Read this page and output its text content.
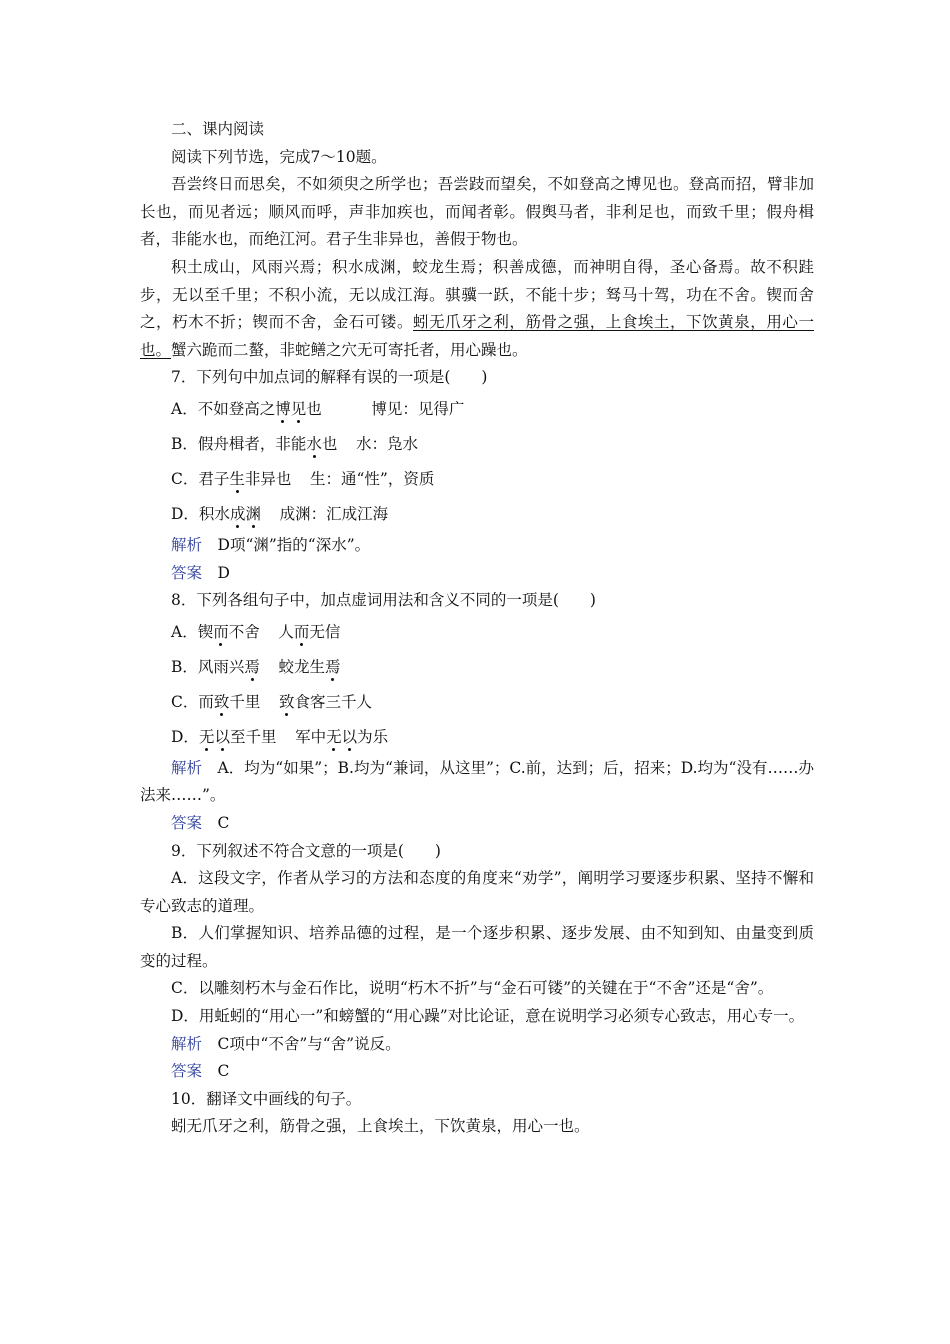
二、课内阅读

阅读下列节选，完成7～10题。

吾尝终日而思矣，不如须臾之所学也；吾尝跂而望矣，不如登高之博见也。登高而招，臂非加长也，而见者远；顺风而呼，声非加疾也，而闻者彰。假舆马者，非利足也，而致千里；假舟楫者，非能水也，而绝江河。君子生非异也，善假于物也。

积土成山，风雨兴焉；积水成渊，蛟龙生焉；积善成德，而神明自得，圣心备焉。故不积跬步，无以至千里；不积小流，无以成江海。骐骥一跃，不能十步；驽马十驾，功在不舍。锲而舍之，朽木不折；锲而不舍，金石可镂。蚓无爪牙之利，筋骨之强，上食埃土，下饮黄泉，用心一也。蟹六跪而二螯，非蛇鳝之穴无可寄托者，用心躁也。

7．下列句中加点词的解释有误的一项是(　　)

A．不如登高之博见也	博见：见得广

B．假舟楫者，非能水也 水：凫水

C．君子生非异也 生：通“性”，资质

D．积水成渊 成渊：汇成江海

解析　 D项“渊”指的“深水”。

答案　 D

8．下列各组句子中，加点虚词用法和含义不同的一项是(　　)

A．锲而不舍 人而无信

B．风雨兴焉 蛟龙生焉

C．而致千里 致食客三千人

D．无以至千里 军中无以为乐

解析　 A．均为“如果”；B.均为“兼词，从这里”；C.前，达到；后，招来；D.均为“没有……办法来……”。

答案　 C

9．下列叙述不符合文意的一项是(　　)

A．这段文字，作者从学习的方法和态度的角度来“劝学”，阐明学习要逐步积累、坚持不懈和专心致志的道理。

B．人们掌握知识、培养品德的过程，是一个逐步积累、逐步发展、由不知到知、由量变到质变的过程。

C．以雕刻朽木与金石作比，说明“朽木不折”与“金石可镂”的关键在于“不舍”还是“舍”。

D．用蚯蚓的“用心一”和螃蟹的“用心躁”对比论证，意在说明学习必须专心致志，用心专一。

解析　 C项中“不舍”与“舍”说反。

答案　 C

10．翻译文中画线的句子。

蚓无爪牙之利，筋骨之强，上食埃土，下饮黄泉，用心一也。
